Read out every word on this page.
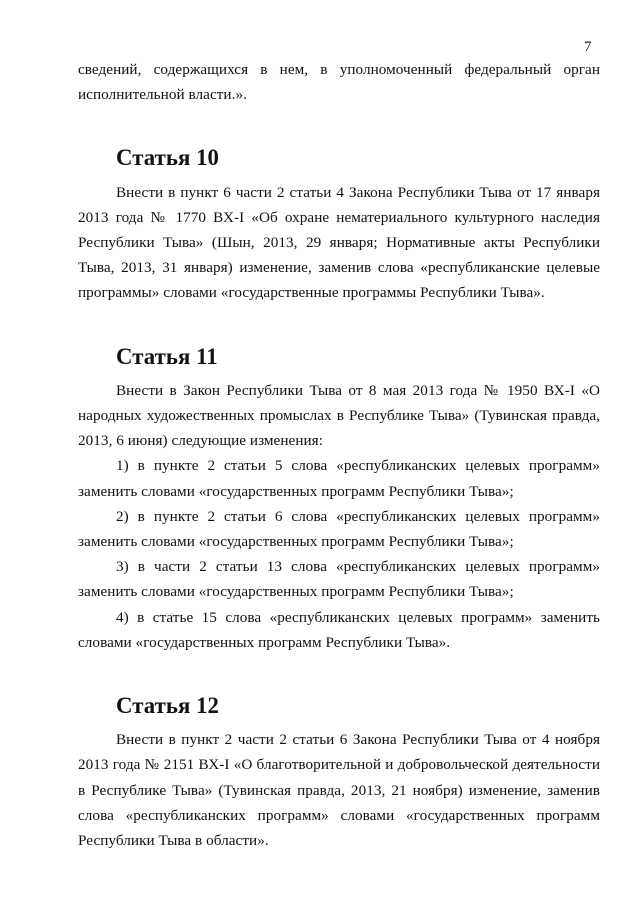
7

сведений, содержащихся в нем, в уполномоченный федеральный орган исполнительной власти.».

Статья 10

Внести в пункт 6 части 2 статьи 4 Закона Республики Тыва от 17 января 2013 года № 1770 ВХ-I «Об охране нематериального культурного наследия Республики Тыва» (Шын, 2013, 29 января; Нормативные акты Республики Тыва, 2013, 31 января) изменение, заменив слова «республиканские целевые программы» словами «государственные программы Республики Тыва».

Статья 11

Внести в Закон Республики Тыва от 8 мая 2013 года № 1950 ВХ-I «О народных художественных промыслах в Республике Тыва» (Тувинская правда, 2013, 6 июня) следующие изменения:

1) в пункте 2 статьи 5 слова «республиканских целевых программ» заменить словами «государственных программ Республики Тыва»;

2) в пункте 2 статьи 6 слова «республиканских целевых программ» заменить словами «государственных программ Республики Тыва»;

3) в части 2 статьи 13 слова «республиканских целевых программ» заменить словами «государственных программ Республики Тыва»;

4) в статье 15 слова «республиканских целевых программ» заменить словами «государственных программ Республики Тыва».

Статья 12

Внести в пункт 2 части 2 статьи 6 Закона Республики Тыва от 4 ноября 2013 года № 2151 ВХ-I «О благотворительной и добровольческой деятельности в Республике Тыва» (Тувинская правда, 2013, 21 ноября) изменение, заменив слова «республиканских программ» словами «государственных программ Республики Тыва в области».
